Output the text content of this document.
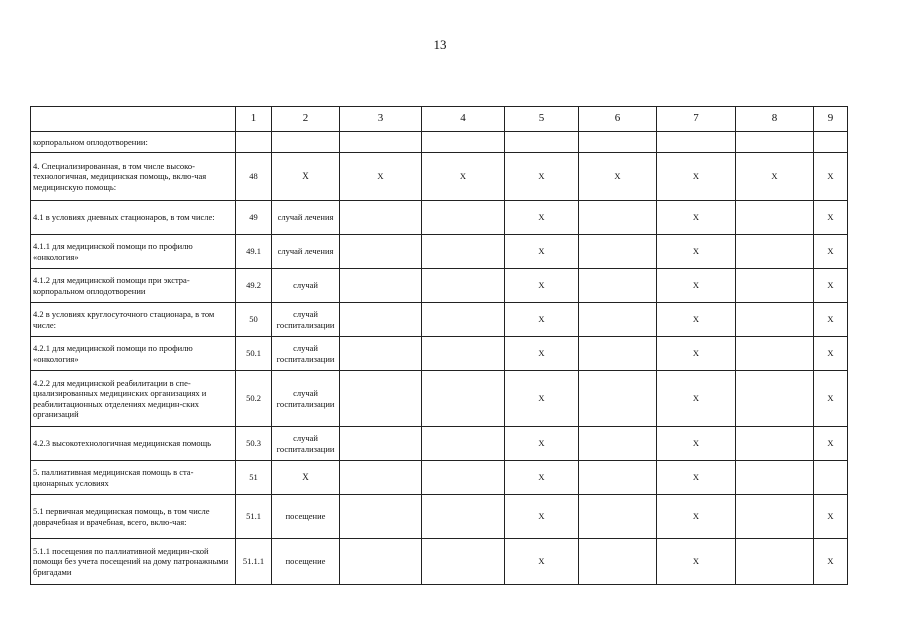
13
	1	2	3	4	5	6	7	8	9
корпоральном оплодотворении:									
4. Специализированная, в том числе высоко-технологичная, медицинская помощь, вклю-чая медицинскую помощь:	48	Х	Х	Х	Х	Х	Х	Х	Х
4.1 в условиях дневных стационаров, в том числе:	49	случай лечения			Х		Х		Х
4.1.1 для медицинской помощи по профилю «онкология»	49.1	случай лечения			Х		Х		Х
4.1.2 для медицинской помощи при экстра-корпоральном оплодотворении	49.2	случай			Х		Х		Х
4.2 в условиях круглосуточного стационара, в том числе:	50	случай госпитализации			Х		Х		Х
4.2.1 для медицинской помощи по профилю «онкология»	50.1	случай госпитализации			Х		Х		Х
4.2.2 для медицинской реабилитации в спе-циализированных медицинских организациях и реабилитационных отделениях медицин-ских организаций	50.2	случай госпитализации			Х		Х		Х
4.2.3 высокотехнологичная медицинская помощь	50.3	случай госпитализации			Х		Х		Х
5. паллиативная медицинская помощь в ста-ционарных условиях	51	Х			Х		Х		
5.1 первичная медицинская помощь, в том числе доврачебная и врачебная, всего, вклю-чая:	51.1	посещение			Х		Х		Х
5.1.1 посещения по паллиативной медицин-ской помощи без учета посещений на дому патронажными бригадами	51.1.1	посещение			Х		Х		Х
